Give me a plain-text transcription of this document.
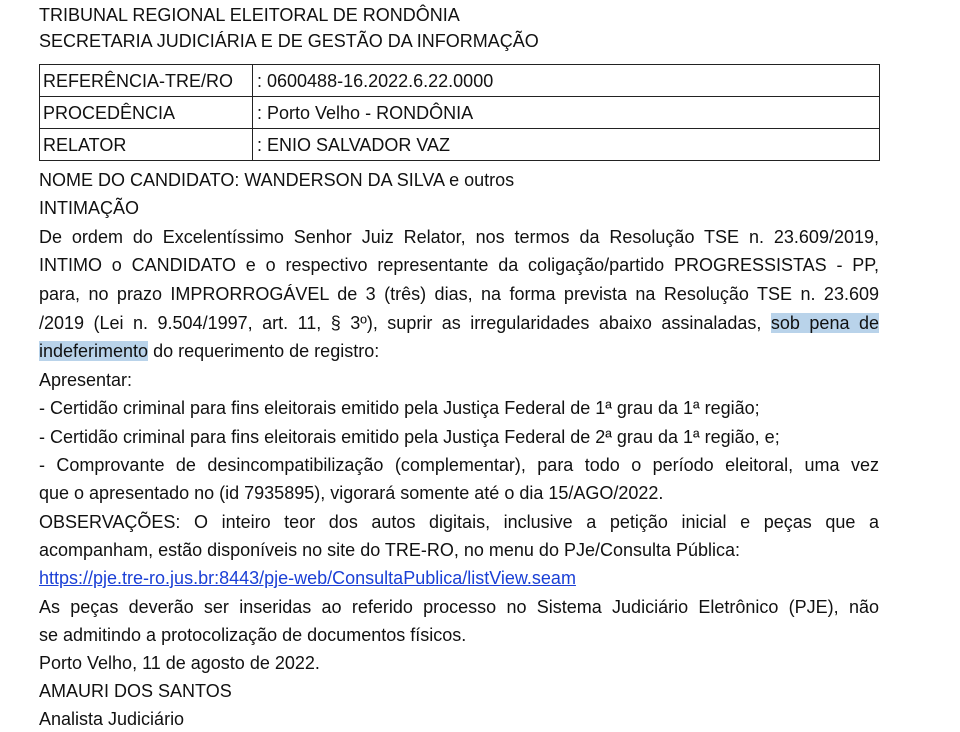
TRIBUNAL REGIONAL ELEITORAL DE RONDÔNIA
SECRETARIA JUDICIÁRIA E DE GESTÃO DA INFORMAÇÃO
REFERÊNCIA-TRE/RO	: 0600488-16.2022.6.22.0000
PROCEDÊNCIA	: Porto Velho - RONDÔNIA
RELATOR	: ENIO SALVADOR VAZ
NOME DO CANDIDATO: WANDERSON DA SILVA e outros
INTIMAÇÃO
De ordem do Excelentíssimo Senhor Juiz Relator, nos termos da Resolução TSE n. 23.609/2019,
INTIMO o CANDIDATO e o respectivo representante da coligação/partido PROGRESSISTAS - PP,
para, no prazo IMPRORROGÁVEL de 3 (três) dias, na forma prevista na Resolução TSE n. 23.609
/2019 (Lei n. 9.504/1997, art. 11, § 3º), suprir as irregularidades abaixo assinaladas, sob pena de
indeferimento do requerimento de registro:
Apresentar:
- Certidão criminal para fins eleitorais emitido pela Justiça Federal de 1ª grau da 1ª região;
- Certidão criminal para fins eleitorais emitido pela Justiça Federal de 2ª grau da 1ª região, e;
- Comprovante de desincompatibilização (complementar), para todo o período eleitoral, uma vez
que o apresentado no (id 7935895), vigorará somente até o dia 15/AGO/2022.
OBSERVAÇÕES: O inteiro teor dos autos digitais, inclusive a petição inicial e peças que a
acompanham, estão disponíveis no site do TRE-RO, no menu do PJe/Consulta Pública:
https://pje.tre-ro.jus.br:8443/pje-web/ConsultaPublica/listView.seam
As peças deverão ser inseridas ao referido processo no Sistema Judiciário Eletrônico (PJE), não
se admitindo a protocolização de documentos físicos.
Porto Velho, 11 de agosto de 2022.
AMAURI DOS SANTOS
Analista Judiciário
